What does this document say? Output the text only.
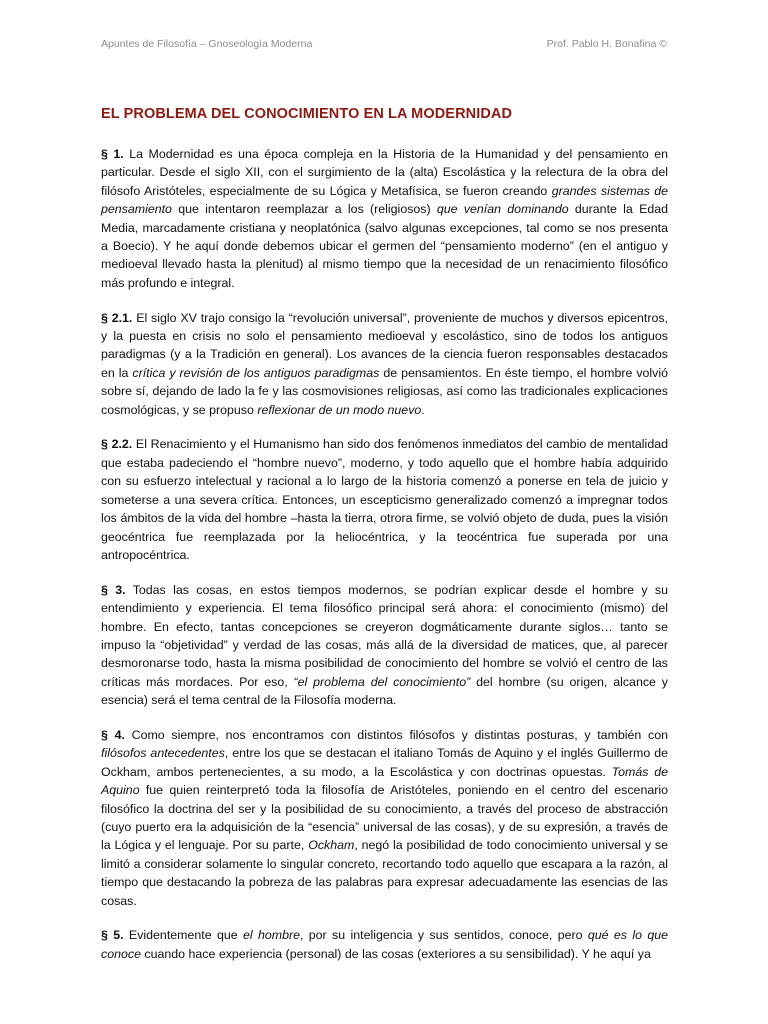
Apuntes de Filosofía – Gnoseología Moderna	Prof. Pablo H. Bonafina ©
EL PROBLEMA DEL CONOCIMIENTO EN LA MODERNIDAD

§ 1. La Modernidad es una época compleja en la Historia de la Humanidad y del pensamiento en particular. Desde el siglo XII, con el surgimiento de la (alta) Escolástica y la relectura de la obra del filósofo Aristóteles, especialmente de su Lógica y Metafísica, se fueron creando grandes sistemas de pensamiento que intentaron reemplazar a los (religiosos) que venían dominando durante la Edad Media, marcadamente cristiana y neoplatónica (salvo algunas excepciones, tal como se nos presenta a Boecio). Y he aquí donde debemos ubicar el germen del “pensamiento moderno” (en el antiguo y medioeval llevado hasta la plenitud) al mismo tiempo que la necesidad de un renacimiento filosófico más profundo e integral.

§ 2.1. El siglo XV trajo consigo la “revolución universal”, proveniente de muchos y diversos epicentros, y la puesta en crisis no solo el pensamiento medioeval y escolástico, sino de todos los antiguos paradigmas (y a la Tradición en general). Los avances de la ciencia fueron responsables destacados en la crítica y revisión de los antiguos paradigmas de pensamientos. En éste tiempo, el hombre volvió sobre sí, dejando de lado la fe y las cosmovisiones religiosas, así como las tradicionales explicaciones cosmológicas, y se propuso reflexionar de un modo nuevo.

§ 2.2. El Renacimiento y el Humanismo han sido dos fenómenos inmediatos del cambio de mentalidad que estaba padeciendo el “hombre nuevo”, moderno, y todo aquello que el hombre había adquirido con su esfuerzo intelectual y racional a lo largo de la historia comenzó a ponerse en tela de juicio y someterse a una severa crítica. Entonces, un escepticismo generalizado comenzó a impregnar todos los ámbitos de la vida del hombre –hasta la tierra, otrora firme, se volvió objeto de duda, pues la visión geocéntrica fue reemplazada por la heliocéntrica, y la teocéntrica fue superada por una antropocéntrica.

§ 3. Todas las cosas, en estos tiempos modernos, se podrían explicar desde el hombre y su entendimiento y experiencia. El tema filosófico principal será ahora: el conocimiento (mismo) del hombre. En efecto, tantas concepciones se creyeron dogmáticamente durante siglos… tanto se impuso la “objetividad” y verdad de las cosas, más allá de la diversidad de matices, que, al parecer desmoronarse todo, hasta la misma posibilidad de conocimiento del hombre se volvió el centro de las críticas más mordaces. Por eso, “el problema del conocimiento” del hombre (su origen, alcance y esencia) será el tema central de la Filosofía moderna.

§ 4. Como siempre, nos encontramos con distintos filósofos y distintas posturas, y también con filósofos antecedentes, entre los que se destacan el italiano Tomás de Aquino y el inglés Guillermo de Ockham, ambos pertenecientes, a su modo, a la Escolástica y con doctrinas opuestas. Tomás de Aquino fue quien reinterpretó toda la filosofía de Aristóteles, poniendo en el centro del escenario filosófico la doctrina del ser y la posibilidad de su conocimiento, a través del proceso de abstracción (cuyo puerto era la adquisición de la “esencia” universal de las cosas), y de su expresión, a través de la Lógica y el lenguaje. Por su parte, Ockham, negó la posibilidad de todo conocimiento universal y se limitó a considerar solamente lo singular concreto, recortando todo aquello que escapara a la razón, al tiempo que destacando la pobreza de las palabras para expresar adecuadamente las esencias de las cosas.

§ 5. Evidentemente que el hombre, por su inteligencia y sus sentidos, conoce, pero qué es lo que conoce cuando hace experiencia (personal) de las cosas (exteriores a su sensibilidad). Y he aquí ya
